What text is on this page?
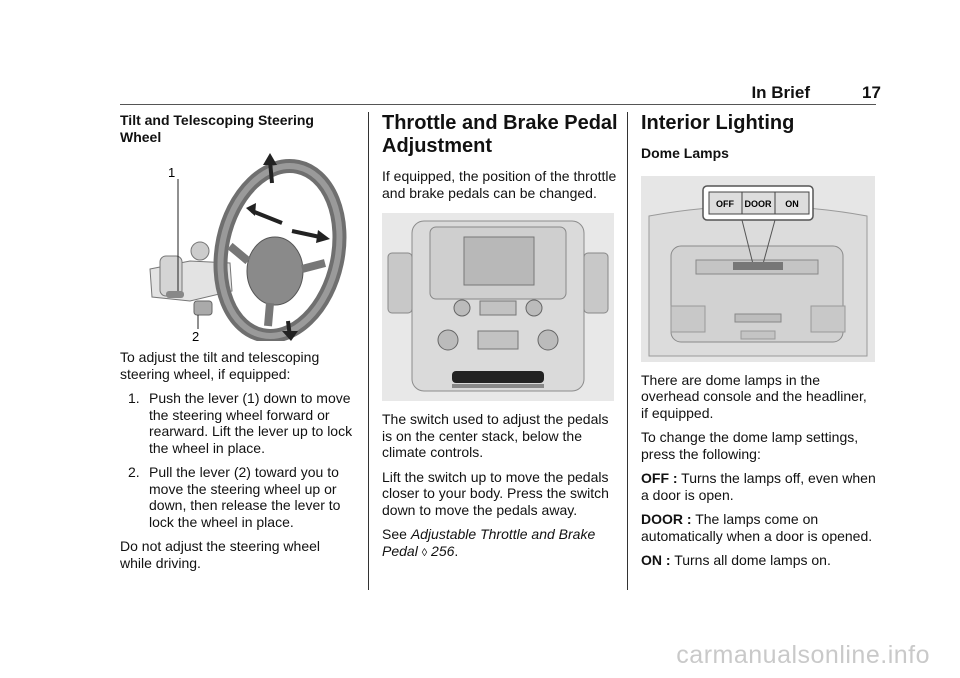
In Brief	17

Tilt and Telescoping Steering Wheel

1
2

To adjust the tilt and telescoping steering wheel, if equipped:

1. Push the lever (1) down to move the steering wheel forward or rearward. Lift the lever up to lock the wheel in place.
2. Pull the lever (2) toward you to move the steering wheel up or down, then release the lever to lock the wheel in place.

Do not adjust the steering wheel while driving.

Throttle and Brake Pedal Adjustment

If equipped, the position of the throttle and brake pedals can be changed.

The switch used to adjust the pedals is on the center stack, below the climate controls.

Lift the switch up to move the pedals closer to your body. Press the switch down to move the pedals away.

See Adjustable Throttle and Brake Pedal ◊ 256.

Interior Lighting

Dome Lamps

OFF DOOR ON

There are dome lamps in the overhead console and the headliner, if equipped.

To change the dome lamp settings, press the following:

OFF : Turns the lamps off, even when a door is open.

DOOR : The lamps come on automatically when a door is opened.

ON : Turns all dome lamps on.

carmanualsonline.info
